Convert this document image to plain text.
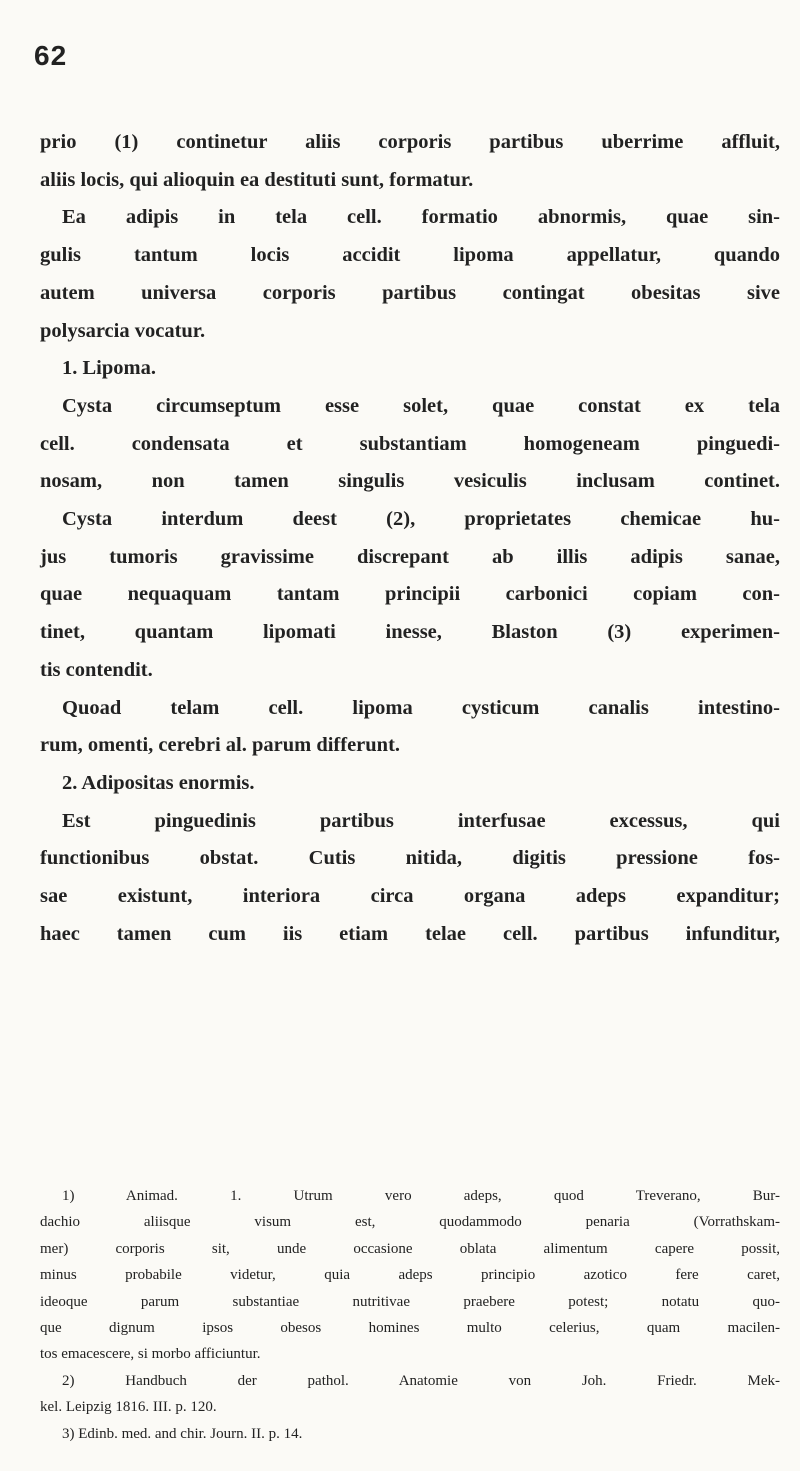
62
prio (1) continetur aliis corporis partibus uberrime affluit,
aliis locis, qui alioquin ea destituti sunt, formatur.
Ea adipis in tela cell. formatio abnormis, quae sin-
gulis tantum locis accidit lipoma appellatur, quando
autem universa corporis partibus contingat obesitas sive
polysarcia vocatur.
1. Lipoma.
Cysta circumseptum esse solet, quae constat ex tela
cell. condensata et substantiam homogeneam pinguedi-
nosam, non tamen singulis vesiculis inclusam continet.
Cysta interdum deest (2), proprietates chemicae hu-
jus tumoris gravissime discrepant ab illis adipis sanae,
quae nequaquam tantam principii carbonici copiam con-
tinet, quantam lipomati inesse, Blaston (3) experimen-
tis contendit.
Quoad telam cell. lipoma cysticum canalis intestino-
rum, omenti, cerebri al. parum differunt.
2. Adipositas enormis.
Est pinguedinis partibus interfusae excessus, qui
functionibus obstat. Cutis nitida, digitis pressione fos-
sae existunt, interiora circa organa adeps expanditur;
haec tamen cum iis etiam telae cell. partibus infunditur,
1) Animad. 1. Utrum vero adeps, quod Treverano, Bur-
dachio aliisque visum est, quodammodo penaria (Vorrathskam-
mer) corporis sit, unde occasione oblata alimentum capere possit,
minus probabile videtur, quia adeps principio azotico fere caret,
ideoque parum substantiae nutritivae praebere potest; notatu quo-
que dignum ipsos obesos homines multo celerius, quam macilen-
tos emacescere, si morbo afficiuntur.
2) Handbuch der pathol. Anatomie von Joh. Friedr. Mek-
kel. Leipzig 1816. III. p. 120.
3) Edinb. med. and chir. Journ. II. p. 14.
